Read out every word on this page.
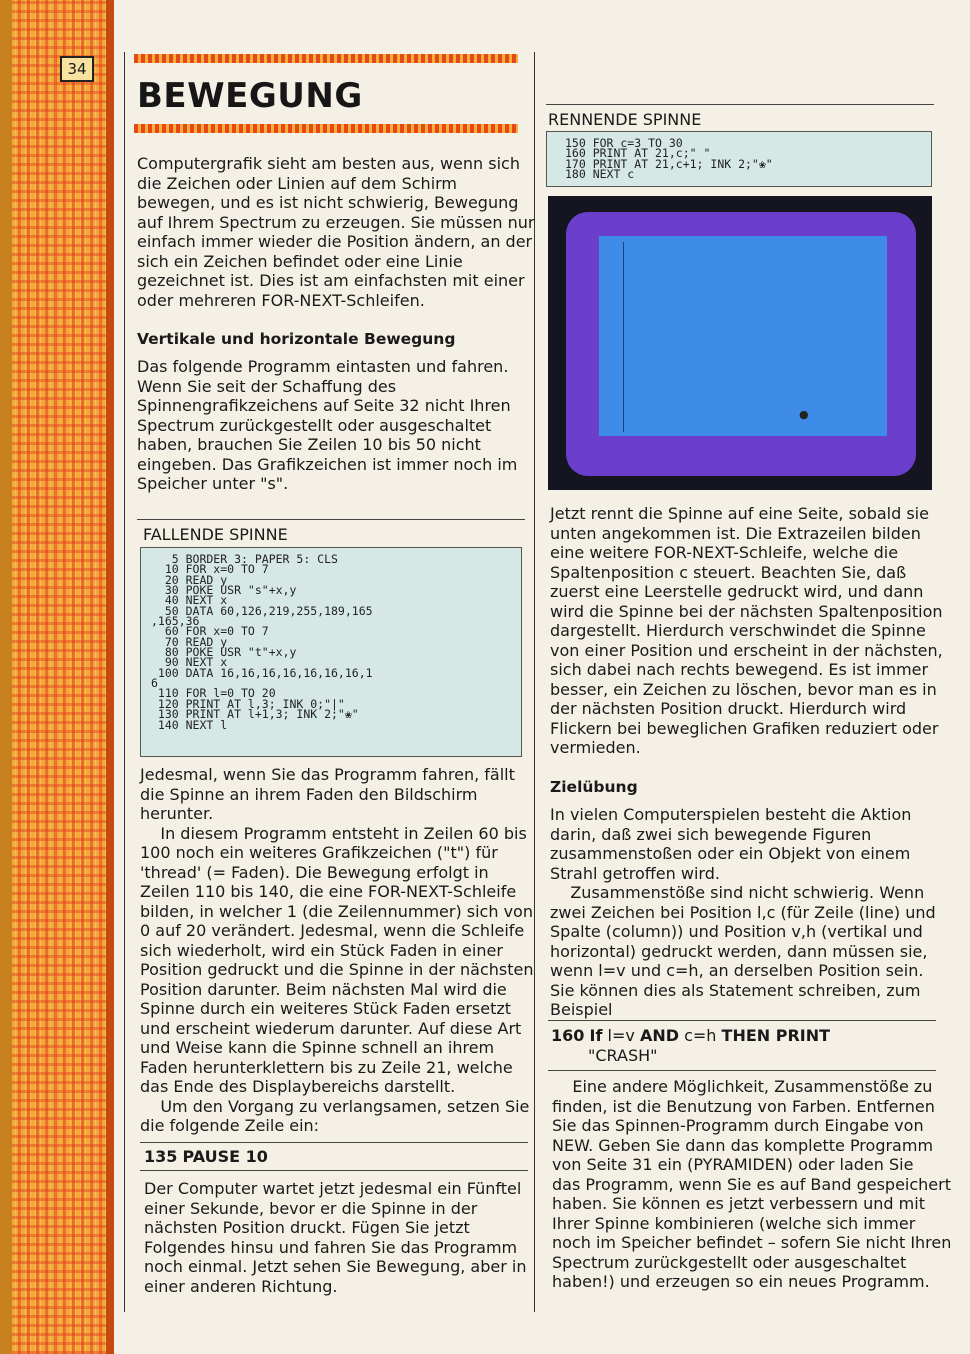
34
BEWEGUNG
Computergrafik sieht am besten aus, wenn sich
die Zeichen oder Linien auf dem Schirm
bewegen, und es ist nicht schwierig, Bewegung
auf Ihrem Spectrum zu erzeugen. Sie müssen nur
einfach immer wieder die Position ändern, an der
sich ein Zeichen befindet oder eine Linie
gezeichnet ist. Dies ist am einfachsten mit einer
oder mehreren FOR-NEXT-Schleifen.
Vertikale und horizontale Bewegung
Das folgende Programm eintasten und fahren.
Wenn Sie seit der Schaffung des
Spinnengrafikzeichens auf Seite 32 nicht Ihren
Spectrum zurückgestellt oder ausgeschaltet
haben, brauchen Sie Zeilen 10 bis 50 nicht
eingeben. Das Grafikzeichen ist immer noch im
Speicher unter "s".
FALLENDE SPINNE
5 BORDER 3: PAPER 5: CLS
10 FOR x=0 TO 7
20 READ y
30 POKE USR "s"+x,y
40 NEXT x
50 DATA 60,126,219,255,189,165
,165,36
60 FOR x=0 TO 7
70 READ y
80 POKE USR "t"+x,y
90 NEXT x
100 DATA 16,16,16,16,16,16,16,1
6
110 FOR l=0 TO 20
120 PRINT AT l,3; INK 0;"|"
130 PRINT AT l+1,3; INK 2;"❀"
140 NEXT l
Jedesmal, wenn Sie das Programm fahren, fällt
die Spinne an ihrem Faden den Bildschirm
herunter.
In diesem Programm entsteht in Zeilen 60 bis
100 noch ein weiteres Grafikzeichen ("t") für
'thread' (= Faden). Die Bewegung erfolgt in
Zeilen 110 bis 140, die eine FOR-NEXT-Schleife
bilden, in welcher 1 (die Zeilennummer) sich von
0 auf 20 verändert. Jedesmal, wenn die Schleife
sich wiederholt, wird ein Stück Faden in einer
Position gedruckt und die Spinne in der nächsten
Position darunter. Beim nächsten Mal wird die
Spinne durch ein weiteres Stück Faden ersetzt
und erscheint wiederum darunter. Auf diese Art
und Weise kann die Spinne schnell an ihrem
Faden herunterklettern bis zu Zeile 21, welche
das Ende des Displaybereichs darstellt.
Um den Vorgang zu verlangsamen, setzen Sie
die folgende Zeile ein:
135 PAUSE 10
Der Computer wartet jetzt jedesmal ein Fünftel
einer Sekunde, bevor er die Spinne in der
nächsten Position druckt. Fügen Sie jetzt
Folgendes hinsu und fahren Sie das Programm
noch einmal. Jetzt sehen Sie Bewegung, aber in
einer anderen Richtung.
RENNENDE SPINNE
150 FOR c=3 TO 30
160 PRINT AT 21,c;" "
170 PRINT AT 21,c+1; INK 2;"❀"
180 NEXT c
●
Jetzt rennt die Spinne auf eine Seite, sobald sie
unten angekommen ist. Die Extrazeilen bilden
eine weitere FOR-NEXT-Schleife, welche die
Spaltenposition c steuert. Beachten Sie, daß
zuerst eine Leerstelle gedruckt wird, und dann
wird die Spinne bei der nächsten Spaltenposition
dargestellt. Hierdurch verschwindet die Spinne
von einer Position und erscheint in der nächsten,
sich dabei nach rechts bewegend. Es ist immer
besser, ein Zeichen zu löschen, bevor man es in
der nächsten Position druckt. Hierdurch wird
Flickern bei beweglichen Grafiken reduziert oder
vermieden.
Zielübung
In vielen Computerspielen besteht die Aktion
darin, daß zwei sich bewegende Figuren
zusammenstoßen oder ein Objekt von einem
Strahl getroffen wird.
Zusammenstöße sind nicht schwierig. Wenn
zwei Zeichen bei Position l,c (für Zeile (line) und
Spalte (column)) und Position v,h (vertikal und
horizontal) gedruckt werden, dann müssen sie,
wenn l=v und c=h, an derselben Position sein.
Sie können dies als Statement schreiben, zum
Beispiel
160 If l=v AND c=h THEN PRINT
"CRASH"
Eine andere Möglichkeit, Zusammenstöße zu
finden, ist die Benutzung von Farben. Entfernen
Sie das Spinnen-Programm durch Eingabe von
NEW. Geben Sie dann das komplette Programm
von Seite 31 ein (PYRAMIDEN) oder laden Sie
das Programm, wenn Sie es auf Band gespeichert
haben. Sie können es jetzt verbessern und mit
Ihrer Spinne kombinieren (welche sich immer
noch im Speicher befindet – sofern Sie nicht Ihren
Spectrum zurückgestellt oder ausgeschaltet
haben!) und erzeugen so ein neues Programm.
